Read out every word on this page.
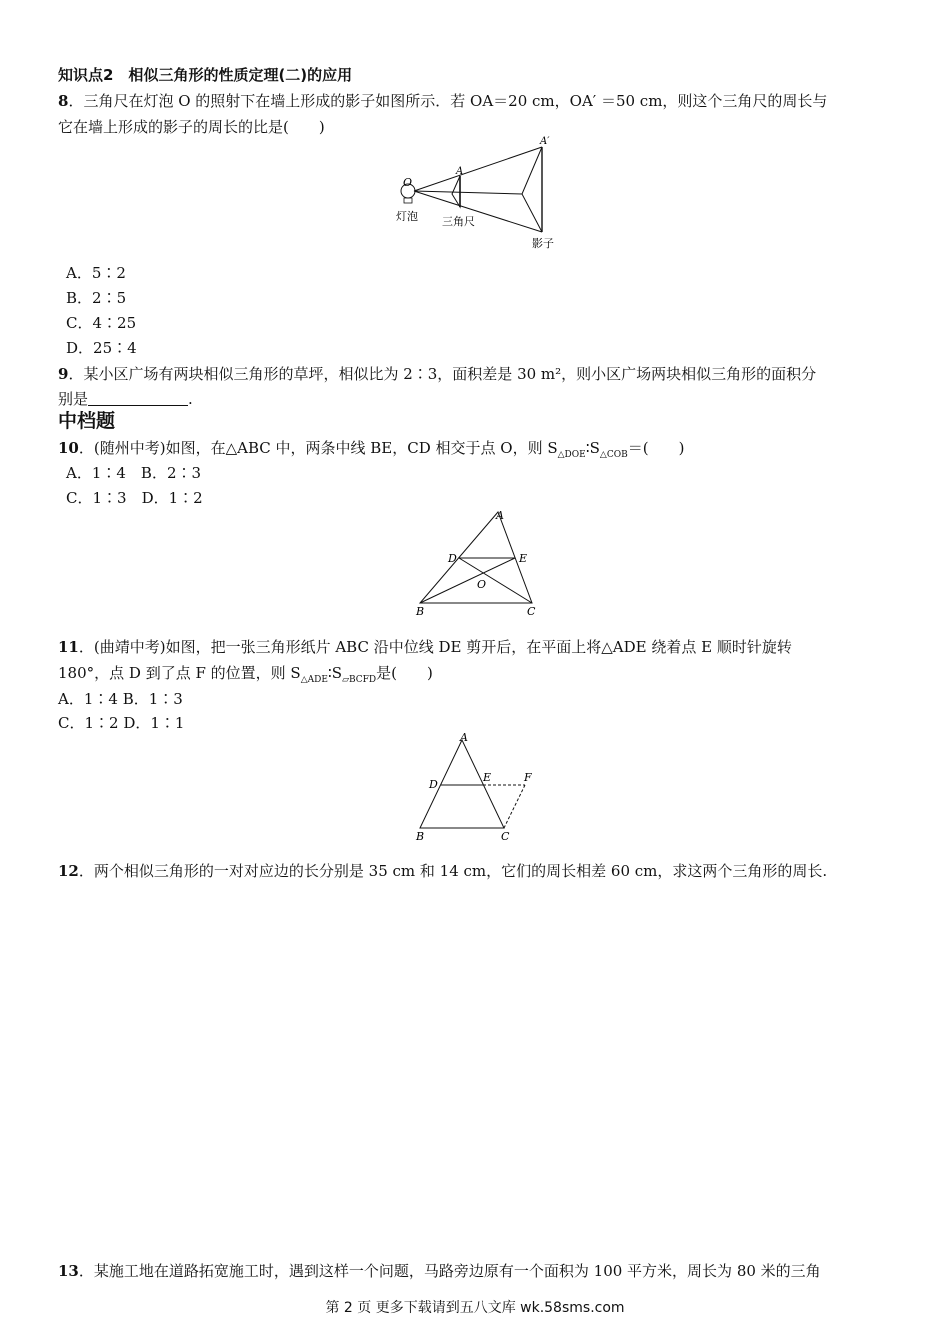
知识点2　相似三角形的性质定理(二)的应用
8．三角尺在灯泡 O 的照射下在墙上形成的影子如图所示．若 OA＝20 cm，OA′ ＝50 cm，则这个三角尺的周长与
它在墙上形成的影子的周长的比是(　　)
O
A
A′
灯泡 三角尺
影子
A．5∶2
B．2∶5
C．4∶25
D．25∶4
9．某小区广场有两块相似三角形的草坪，相似比为 2∶3，面积差是 30 m²，则小区广场两块相似三角形的面积分
别是	.
中档题
10．(随州中考)如图，在△ABC 中，两条中线 BE，CD 相交于点 O，则 $S_{\triangle DOE}∶S_{\triangle COB}=$(　　)
A．1∶4　B．2∶3
C．1∶3　D．1∶2
A
B	C
D	E
O
11．(曲靖中考)如图，把一张三角形纸片 ABC 沿中位线 DE 剪开后，在平面上将△ADE 绕着点 E 顺时针旋转
180°，点 D 到了点 F 的位置，则 $S_{\triangle ADE}∶S_{▱BCFD}$是(　　)
A．1∶4 B．1∶3
C．1∶2 D．1∶1
A
B	C
D
E	F
12．两个相似三角形的一对对应边的长分别是 35 cm 和 14 cm，它们的周长相差 60 cm，求这两个三角形的周长.
13．某施工地在道路拓宽施工时，遇到这样一个问题，马路旁边原有一个面积为 100 平方米，周长为 80 米的三角
第 2 页 更多下载请到五八文库 wk.58sms.com
